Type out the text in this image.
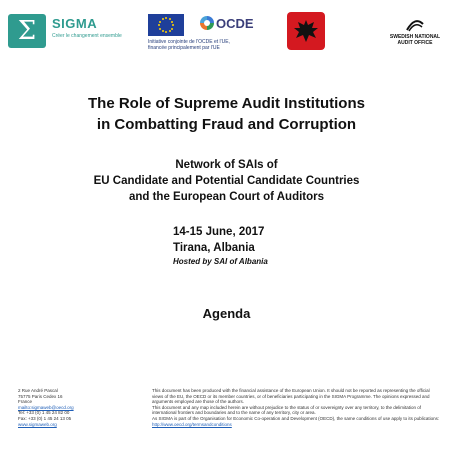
Σ	SIGMA
Créer le changement ensemble
OCDE
Initiative conjointe de l'OCDE et l'UE,
financée principalement par l'UE
SWEDISH NATIONAL
AUDIT OFFICE
The Role of Supreme Audit Institutions
in Combatting Fraud and Corruption
Network of SAIs of
EU Candidate and Potential Candidate Countries
and the European Court of Auditors
14-15 June, 2017
Tirana, Albania
Hosted by SAI of Albania
Agenda
2 Rue André Pascal
75775 Paris Cedex 16
France
mailto:sigmaweb@oecd.org
Tel: +33 (0) 1 45 24 82 00
Fax: +33 (0) 1 45 24 13 05
www.sigmaweb.org
This document has been produced with the financial assistance of the European Union. It should not be reported as representing the official views of the EU, the OECD or its member countries, or of beneficiaries participating in the SIGMA Programme. The opinions expressed and arguments employed are those of the authors.
This document and any map included herein are without prejudice to the status of or sovereignty over any territory, to the delimitation of international frontiers and boundaries and to the name of any territory, city or area.
As SIGMA is part of the Organisation for Economic Co-operation and Development (OECD), the same conditions of use apply to its publications: http://www.oecd.org/termsandconditions
